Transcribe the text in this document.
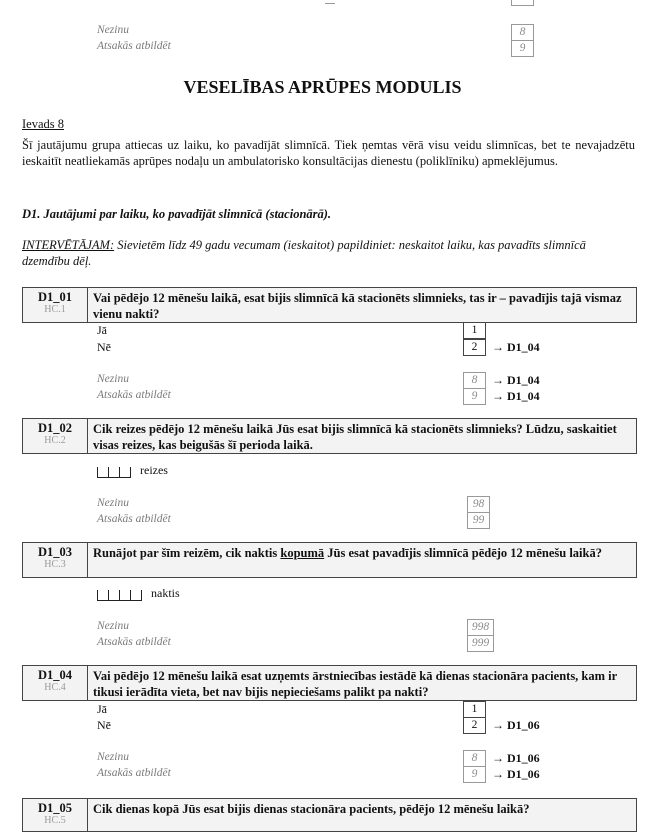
Nezinu	8
Atsakās atbildēt	9
VESELĪBAS APRŪPES MODULIS
Ievads 8
Šī jautājumu grupa attiecas uz laiku, ko pavadījāt slimnīcā. Tiek ņemtas vērā visu veidu slimnīcas, bet te nevajadzētu ieskaitīt neatliekamās aprūpes nodaļu un ambulatorisko konsultācijas dienestu (poliklīniku) apmeklējumus.
D1. Jautājumi par laiku, ko pavadījāt slimnīcā (stacionārā).
INTERVĒTĀJAM: Sievietēm līdz 49 gadu vecumam (ieskaitot) papildiniet: neskaitot laiku, kas pavadīts slimnīcā dzemdību dēļ.
D1_01
HC.1
Vai pēdējo 12 mēnešu laikā, esat bijis slimnīcā kā stacionēts slimnieks, tas ir – pavadījis tajā vismaz vienu nakti?
Jā	1
Nē	2	→ D1_04
Nezinu	8	→ D1_04
Atsakās atbildēt	9	→ D1_04
D1_02
HC.2
Cik reizes pēdējo 12 mēnešu laikā Jūs esat bijis slimnīcā kā stacionēts slimnieks? Lūdzu, saskaitiet visas reizes, kas beigušās šī perioda laikā.
reizes
Nezinu	98
Atsakās atbildēt	99
D1_03
HC.3
Runājot par šīm reizēm, cik naktis kopumā Jūs esat pavadījis slimnīcā pēdējo 12 mēnešu laikā?
naktis
Nezinu	998
Atsakās atbildēt	999
D1_04
HC.4
Vai pēdējo 12 mēnešu laikā esat uzņemts ārstniecības iestādē kā dienas stacionāra pacients, kam ir tikusi ierādīta vieta, bet nav bijis nepieciešams palikt pa nakti?
Jā	1
Nē	2	→ D1_06
Nezinu	8	→ D1_06
Atsakās atbildēt	9	→ D1_06
D1_05
HC.5
Cik dienas kopā Jūs esat bijis dienas stacionāra pacients, pēdējo 12 mēnešu laikā?
